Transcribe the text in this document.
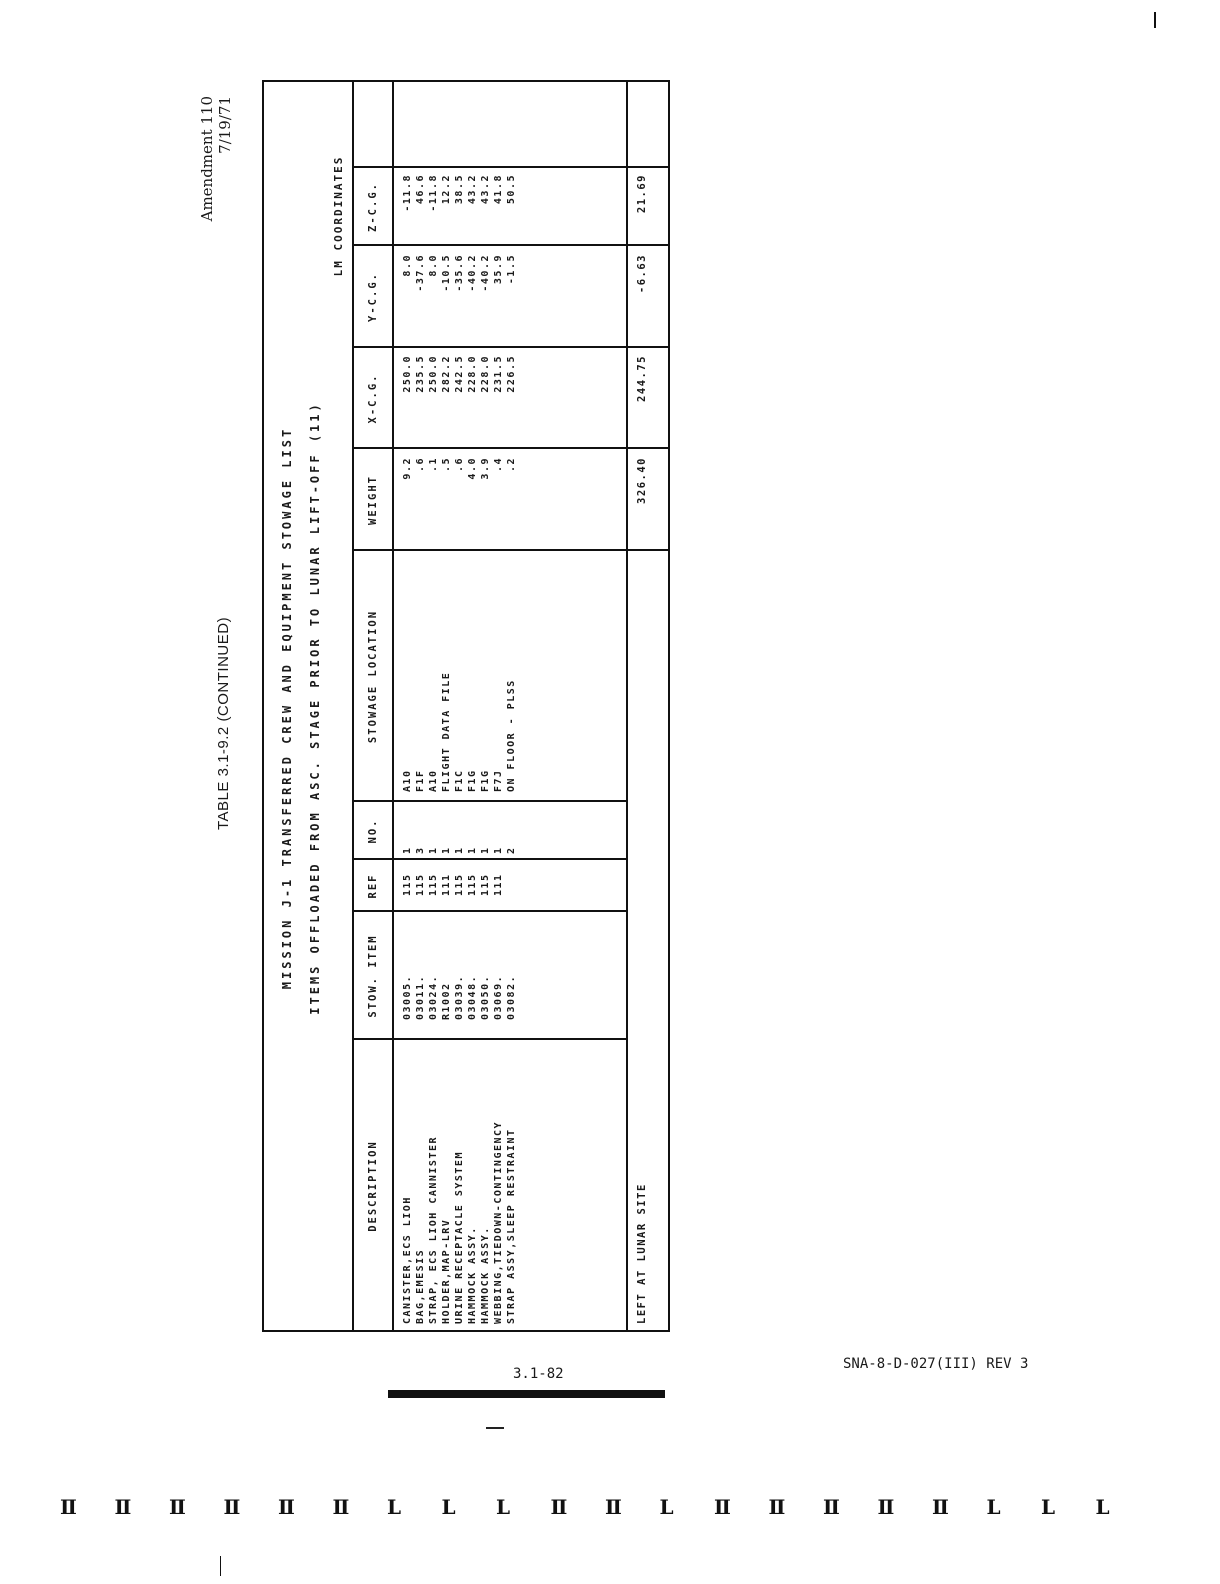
Amendment 110 7/19/71
TABLE 3.1-9.2 (CONTINUED)	MISSION J-1 TRANSFERRED CREW AND EQUIPMENT STOWAGE LIST ITEMS OFFLOADED FROM ASC. STAGE PRIOR TO LUNAR LIFT-OFF (11)
LM COORDINATES
DESCRIPTION
STOW. ITEM
REF
NO.
STOWAGE LOCATION
WEIGHT
X-C.G.
Y-C.G.
Z-C.G.
CANISTER,ECS LIOH
03005.
115
1
A10
9.2
250.0
8.0
-11.8
BAG,EMESIS
03011.
115
3
F1F
.6
235.5
-37.6
46.6
STRAP, ECS LIOH CANNISTER
03024.
115
1
A10
.1
250.0
8.0
-11.8
HOLDER,MAP-LRV
R1002
111
1
FLIGHT DATA FILE
.5
282.2
-10.5
12.2
URINE RECEPTACLE SYSTEM
03039.
115
1
F1C
.6
242.5
-35.6
38.5
HAMMOCK ASSY.
03048.
115
1
F1G
4.0
228.0
-40.2
43.2
HAMMOCK ASSY.
03050.
115
1
F1G
3.9
228.0
-40.2
43.2
WEBBING,TIEDOWN-CONTINGENCY
03069.
111
1
F7J
.4
231.5
35.9
41.8
STRAP ASSY,SLEEP RESTRAINT
03082.
2
ON FLOOR - PLSS
.2
226.5
-1.5
50.5
LEFT AT LUNAR SITE
326.40
244.75
-6.63
21.69
3.1-82
SNA-8-D-027(III) REV 3
Ⅱ Ⅱ Ⅱ Ⅱ Ⅱ Ⅱ L L L Ⅱ Ⅱ L Ⅱ Ⅱ Ⅱ Ⅱ Ⅱ L L L
